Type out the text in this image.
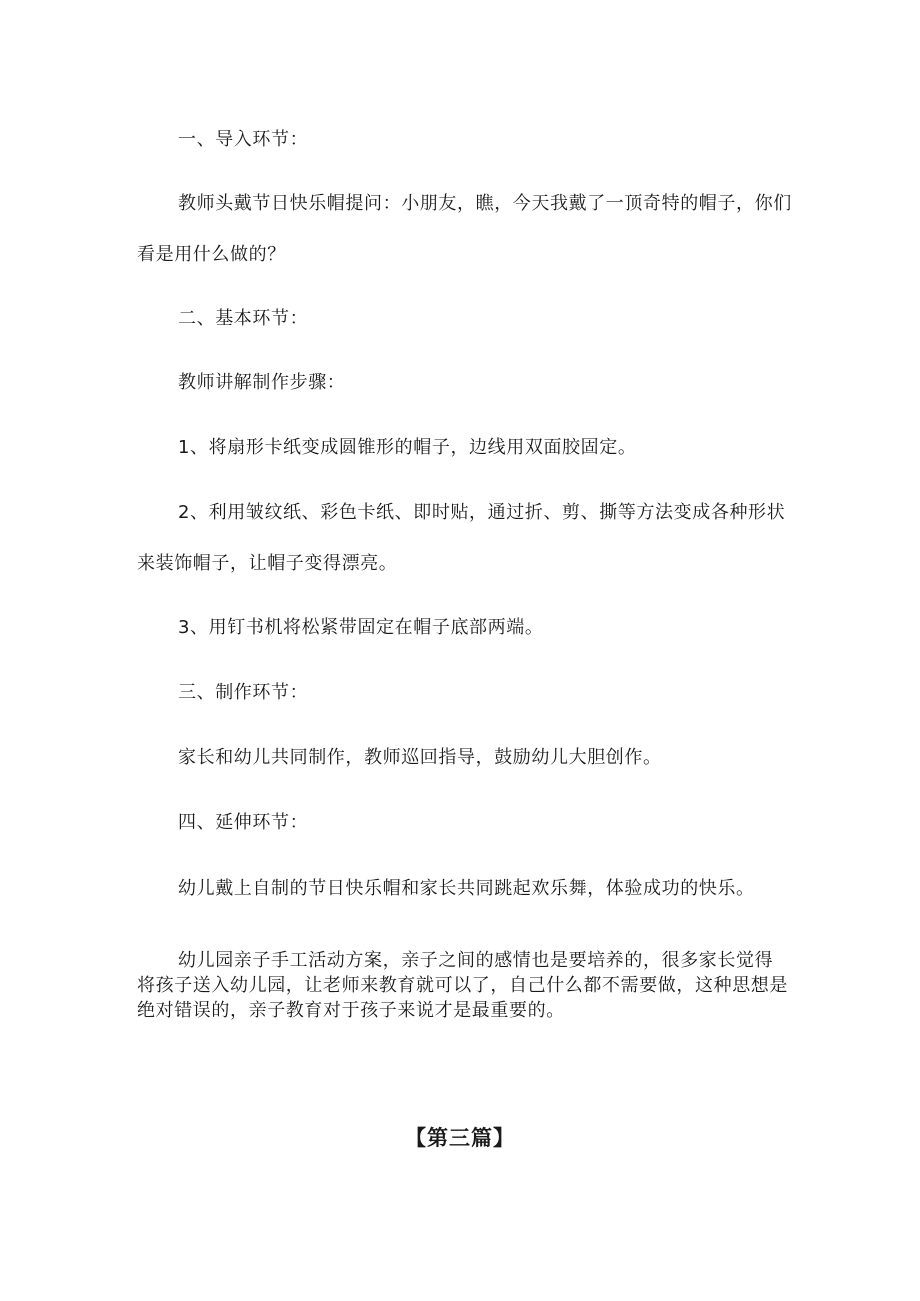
一、导入环节：
教师头戴节日快乐帽提问：小朋友，瞧，今天我戴了一顶奇特的帽子，你们
看是用什么做的？
二、基本环节：
教师讲解制作步骤：
1、将扇形卡纸变成圆锥形的帽子，边线用双面胶固定。
2、利用皱纹纸、彩色卡纸、即时贴，通过折、剪、撕等方法变成各种形状
来装饰帽子，让帽子变得漂亮。
3、用钉书机将松紧带固定在帽子底部两端。
三、制作环节：
家长和幼儿共同制作，教师巡回指导，鼓励幼儿大胆创作。
四、延伸环节：
幼儿戴上自制的节日快乐帽和家长共同跳起欢乐舞，体验成功的快乐。
幼儿园亲子手工活动方案，亲子之间的感情也是要培养的，很多家长觉得
将孩子送入幼儿园，让老师来教育就可以了，自己什么都不需要做，这种思想是
绝对错误的，亲子教育对于孩子来说才是最重要的。
【第三篇】
